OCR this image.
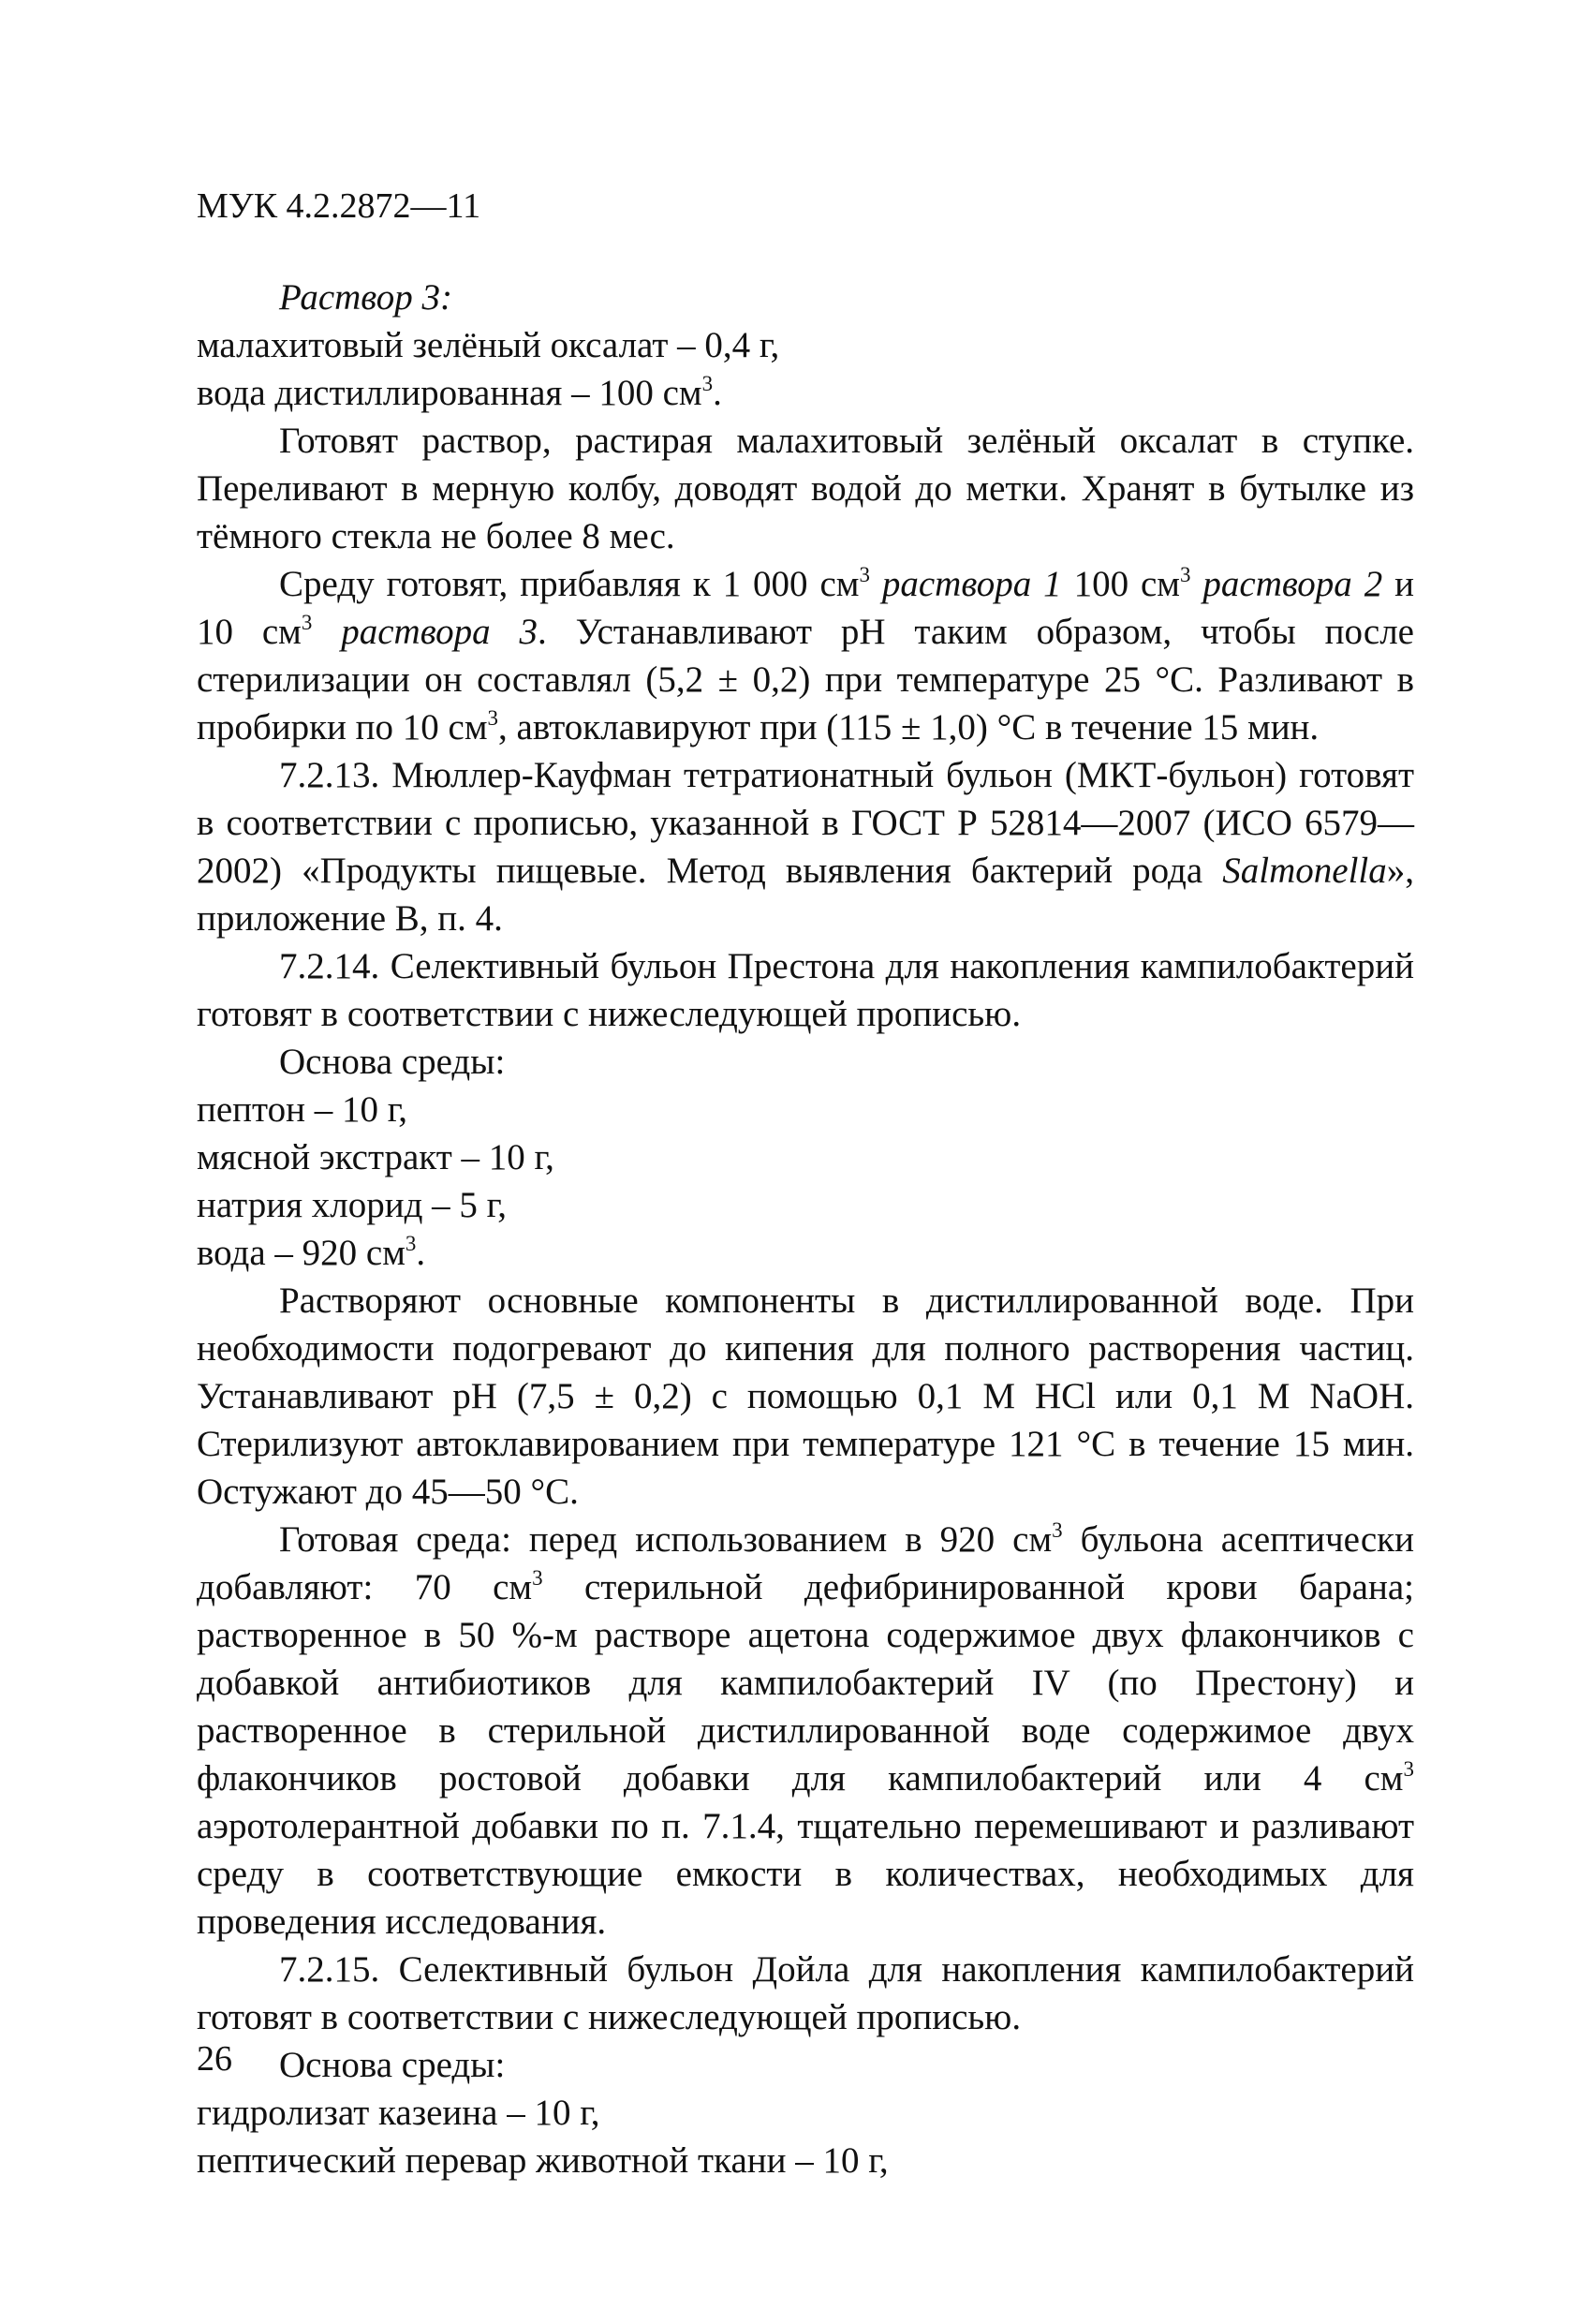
МУК 4.2.2872—11

Раствор 3:

малахитовый зелёный оксалат – 0,4 г,

вода дистиллированная – 100 $см^3$.

Готовят раствор, растирая малахитовый зелёный оксалат в ступке. Переливают в мерную колбу, доводят водой до метки. Хранят в бутылке из тёмного стекла не более 8 мес.

Среду готовят, прибавляя к 1 000 $см^3$ раствора 1 100 $см^3$ раствора 2 и 10 $см^3$ раствора 3. Устанавливают pH таким образом, чтобы после стерилизации он составлял (5,2 ± 0,2) при температуре 25 °С. Разливают в пробирки по 10 $см^3$, автоклавируют при (115 ± 1,0) °С в течение 15 мин.

7.2.13. Мюллер-Кауфман тетратионатный бульон (МКТ-бульон) готовят в соответствии с прописью, указанной в ГОСТ Р 52814—2007 (ИСО 6579—2002) «Продукты пищевые. Метод выявления бактерий рода Salmonella», приложение В, п. 4.

7.2.14. Селективный бульон Престона для накопления кампилобактерий готовят в соответствии с нижеследующей прописью.

Основа среды:

пептон – 10 г,

мясной экстракт – 10 г,

натрия хлорид – 5 г,

вода – 920 $см^3$.

Растворяют основные компоненты в дистиллированной воде. При необходимости подогревают до кипения для полного растворения частиц. Устанавливают pH (7,5 ± 0,2) с помощью 0,1 М HCl или 0,1 М NaOH. Стерилизуют автоклавированием при температуре 121 °С в течение 15 мин. Остужают до 45—50 °С.

Готовая среда: перед использованием в 920 $см^3$ бульона асептически добавляют: 70 $см^3$ стерильной дефибринированной крови барана; растворенное в 50 %-м растворе ацетона содержимое двух флакончиков с добавкой антибиотиков для кампилобактерий IV (по Престону) и растворенное в стерильной дистиллированной воде содержимое двух флакончиков ростовой добавки для кампилобактерий или 4 $см^3$ аэротолерантной добавки по п. 7.1.4, тщательно перемешивают и разливают среду в соответствующие емкости в количествах, необходимых для проведения исследования.

7.2.15. Селективный бульон Дойла для накопления кампилобактерий готовят в соответствии с нижеследующей прописью.

Основа среды:

гидролизат казеина – 10 г,

пептический перевар животной ткани – 10 г,

26
